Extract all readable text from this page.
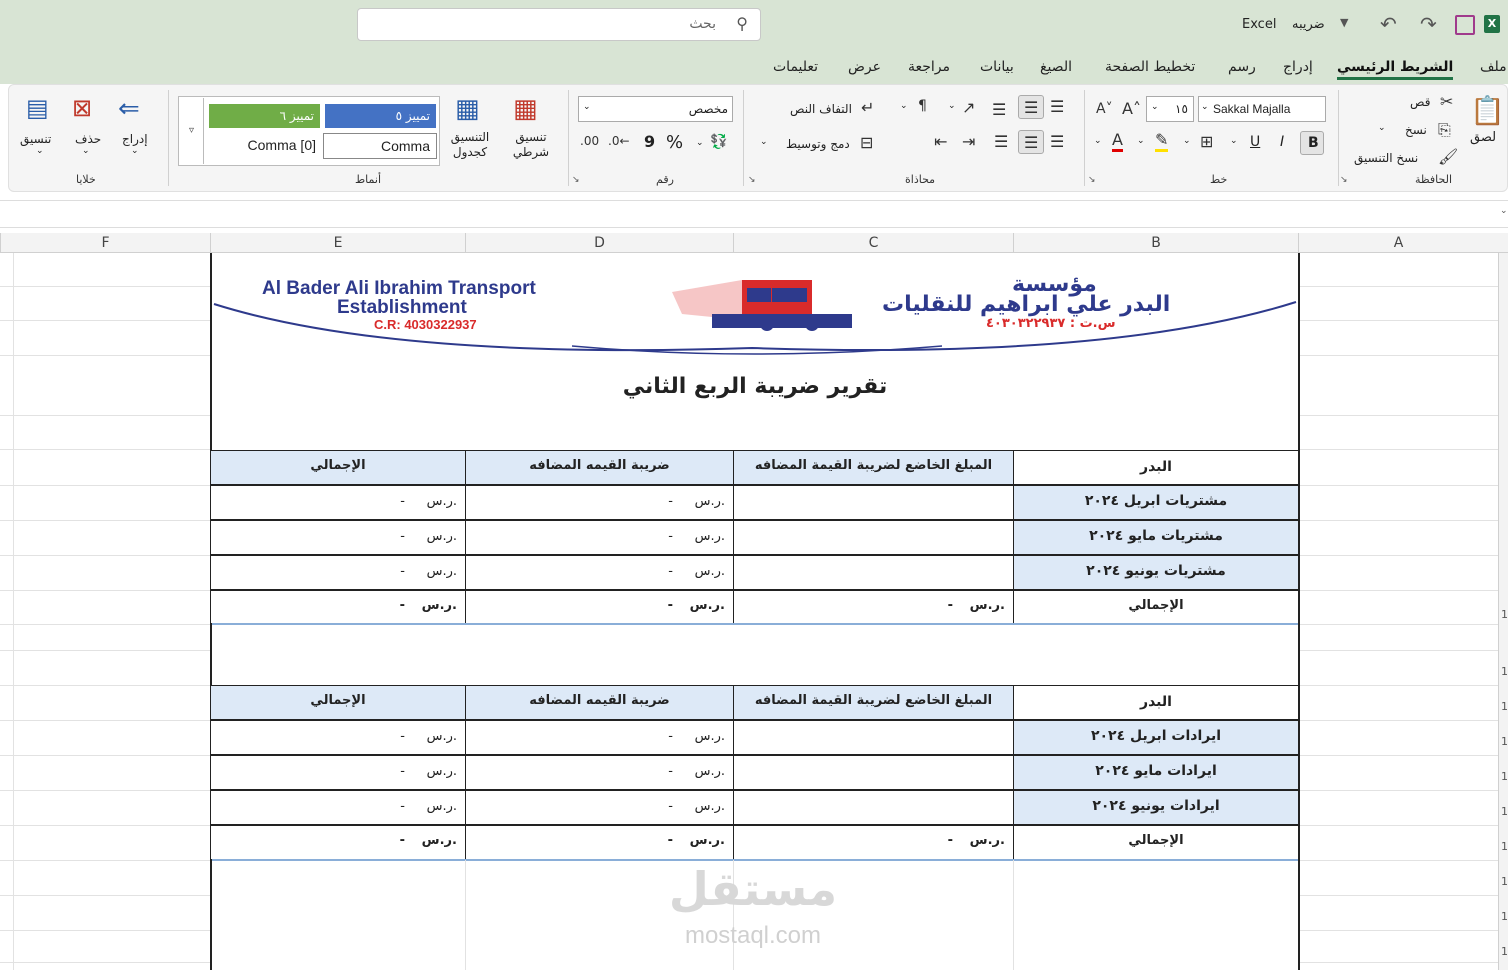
X
↷
↶
▼
ضريبه
Excel
بحث ⚲
ملف
الشريط الرئيسي
إدراج
رسم
تخطيط الصفحة
الصيغ
بيانات
مراجعة
عرض
تعليمات
📋
لصق
✂
قص
⎘
نسخ
⌄
🖌
نسخ التنسيق
الحافظة
↘
Sakkal Majalla
⌄
١٥
⌄
A˄
A˅
B
I
U
⌄
⊞
⌄
✎
⌄
A
⌄
خط
↘
☰
☰
☰
↗
⌄
¶
⌄
☰
☰
☰
⇥
⇤
↵
التفاف النص
⊟
دمج وتوسيط
⌄
محاذاة
↘
مخصص
⌄
💱
⌄
%
9
.0←
.00
رقم
↘
▦
تنسيق شرطي
▦
التنسيق كجدول
تمييز ٥
تمييز ٦
Comma
Comma [0]
▿
أنماط
⇐
إدراج
⌄
⊠
حذف
⌄
▤
تنسيق
⌄
خلايا
⌄
A
B
C
D
E
F
1
1
1
1
1
1
1
1
1
1
Al Bader Ali Ibrahim Transport
Establishment
C.R: 4030322937
مؤسسة
البدر علي ابراهيم للنقليات
س.ت : ٤٠٣٠٣٢٢٩٣٧
تقرير ضريبة الربع الثاني
البدر
المبلغ الخاضع لضريبة القيمة المضافه
ضريبة القيمه المضافه
الإجمالي
مشتريات ابريل ٢٠٢٤
ر.س.
-
ر.س.
-
مشتريات مايو ٢٠٢٤
ر.س.
-
ر.س.
-
مشتريات يونيو ٢٠٢٤
ر.س.
-
ر.س.
-
الإجمالي
ر.س.
-
ر.س.
-
ر.س.
-
البدر
المبلغ الخاضع لضريبة القيمة المضافه
ضريبة القيمه المضافه
الإجمالي
ايرادات ابريل ٢٠٢٤
ر.س.
-
ر.س.
-
ايرادات مايو ٢٠٢٤
ر.س.
-
ر.س.
-
ايرادات يونيو ٢٠٢٤
ر.س.
-
ر.س.
-
الإجمالي
ر.س.
-
ر.س.
-
ر.س.
-
مستقل
mostaql.com
